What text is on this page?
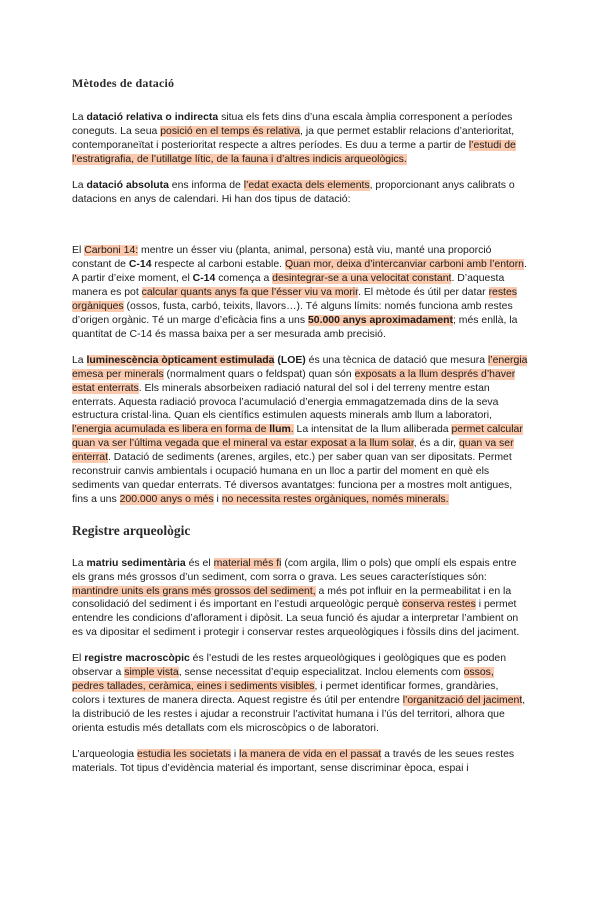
Mètodes de datació

La datació relativa o indirecta situa els fets dins d’una escala àmplia corresponent a períodes coneguts. La seua posició en el temps és relativa, ja que permet establir relacions d’anterioritat, contemporaneïtat i posterioritat respecte a altres períodes. Es duu a terme a partir de l’estudi de l’estratigrafia, de l’utillatge lític, de la fauna i d’altres indicis arqueològics.

La datació absoluta ens informa de l’edat exacta dels elements, proporcionant anys calibrats o datacions en anys de calendari. Hi han dos tipus de datació:

El Carboni 14: mentre un ésser viu (planta, animal, persona) està viu, manté una proporció constant de C-14 respecte al carboni estable. Quan mor, deixa d’intercanviar carboni amb l’entorn. A partir d’eixe moment, el C-14 comença a desintegrar-se a una velocitat constant. D’aquesta manera es pot calcular quants anys fa que l’ésser viu va morir. El mètode és útil per datar restes orgàniques (ossos, fusta, carbó, teixits, llavors…). Té alguns límits: només funciona amb restes d’origen orgànic. Té un marge d’eficàcia fins a uns 50.000 anys aproximadament; més enllà, la quantitat de C-14 és massa baixa per a ser mesurada amb precisió.

La luminescència òpticament estimulada (LOE) és una tècnica de datació que mesura l’energia emesa per minerals (normalment quars o feldspat) quan són exposats a la llum després d’haver estat enterrats. Els minerals absorbeixen radiació natural del sol i del terreny mentre estan enterrats. Aquesta radiació provoca l’acumulació d’energia emmagatzemada dins de la seva estructura cristal·lina. Quan els científics estimulen aquests minerals amb llum a laboratori, l’energia acumulada es libera en forma de llum. La intensitat de la llum alliberada permet calcular quan va ser l’última vegada que el mineral va estar exposat a la llum solar, és a dir, quan va ser enterrat. Datació de sediments (arenes, argiles, etc.) per saber quan van ser dipositats. Permet reconstruir canvis ambientals i ocupació humana en un lloc a partir del moment en què els sediments van quedar enterrats. Té diversos avantatges: funciona per a mostres molt antigues, fins a uns 200.000 anys o més i no necessita restes orgàniques, només minerals.

Registre arqueològic

La matriu sedimentària és el material més fi (com argila, llim o pols) que omplí els espais entre els grans més grossos d’un sediment, com sorra o grava. Les seues característiques són: mantindre units els grans més grossos del sediment, a més pot influir en la permeabilitat i en la consolidació del sediment i és important en l’estudi arqueològic perquè conserva restes i permet entendre les condicions d’aflorament i dipòsit. La seua funció és ajudar a interpretar l’ambient on es va dipositar el sediment i protegir i conservar restes arqueològiques i fòssils dins del jaciment.

El registre macroscòpic és l’estudi de les restes arqueològiques i geològiques que es poden observar a simple vista, sense necessitat d’equip especialitzat. Inclou elements com ossos, pedres tallades, ceràmica, eines i sediments visibles, i permet identificar formes, grandàries, colors i textures de manera directa. Aquest registre és útil per entendre l’organització del jaciment, la distribució de les restes i ajudar a reconstruir l’activitat humana i l’ús del territori, alhora que orienta estudis més detallats com els microscòpics o de laboratori.

L’arqueologia estudia les societats i la manera de vida en el passat a través de les seues restes materials. Tot tipus d’evidència material és important, sense discriminar època, espai i
